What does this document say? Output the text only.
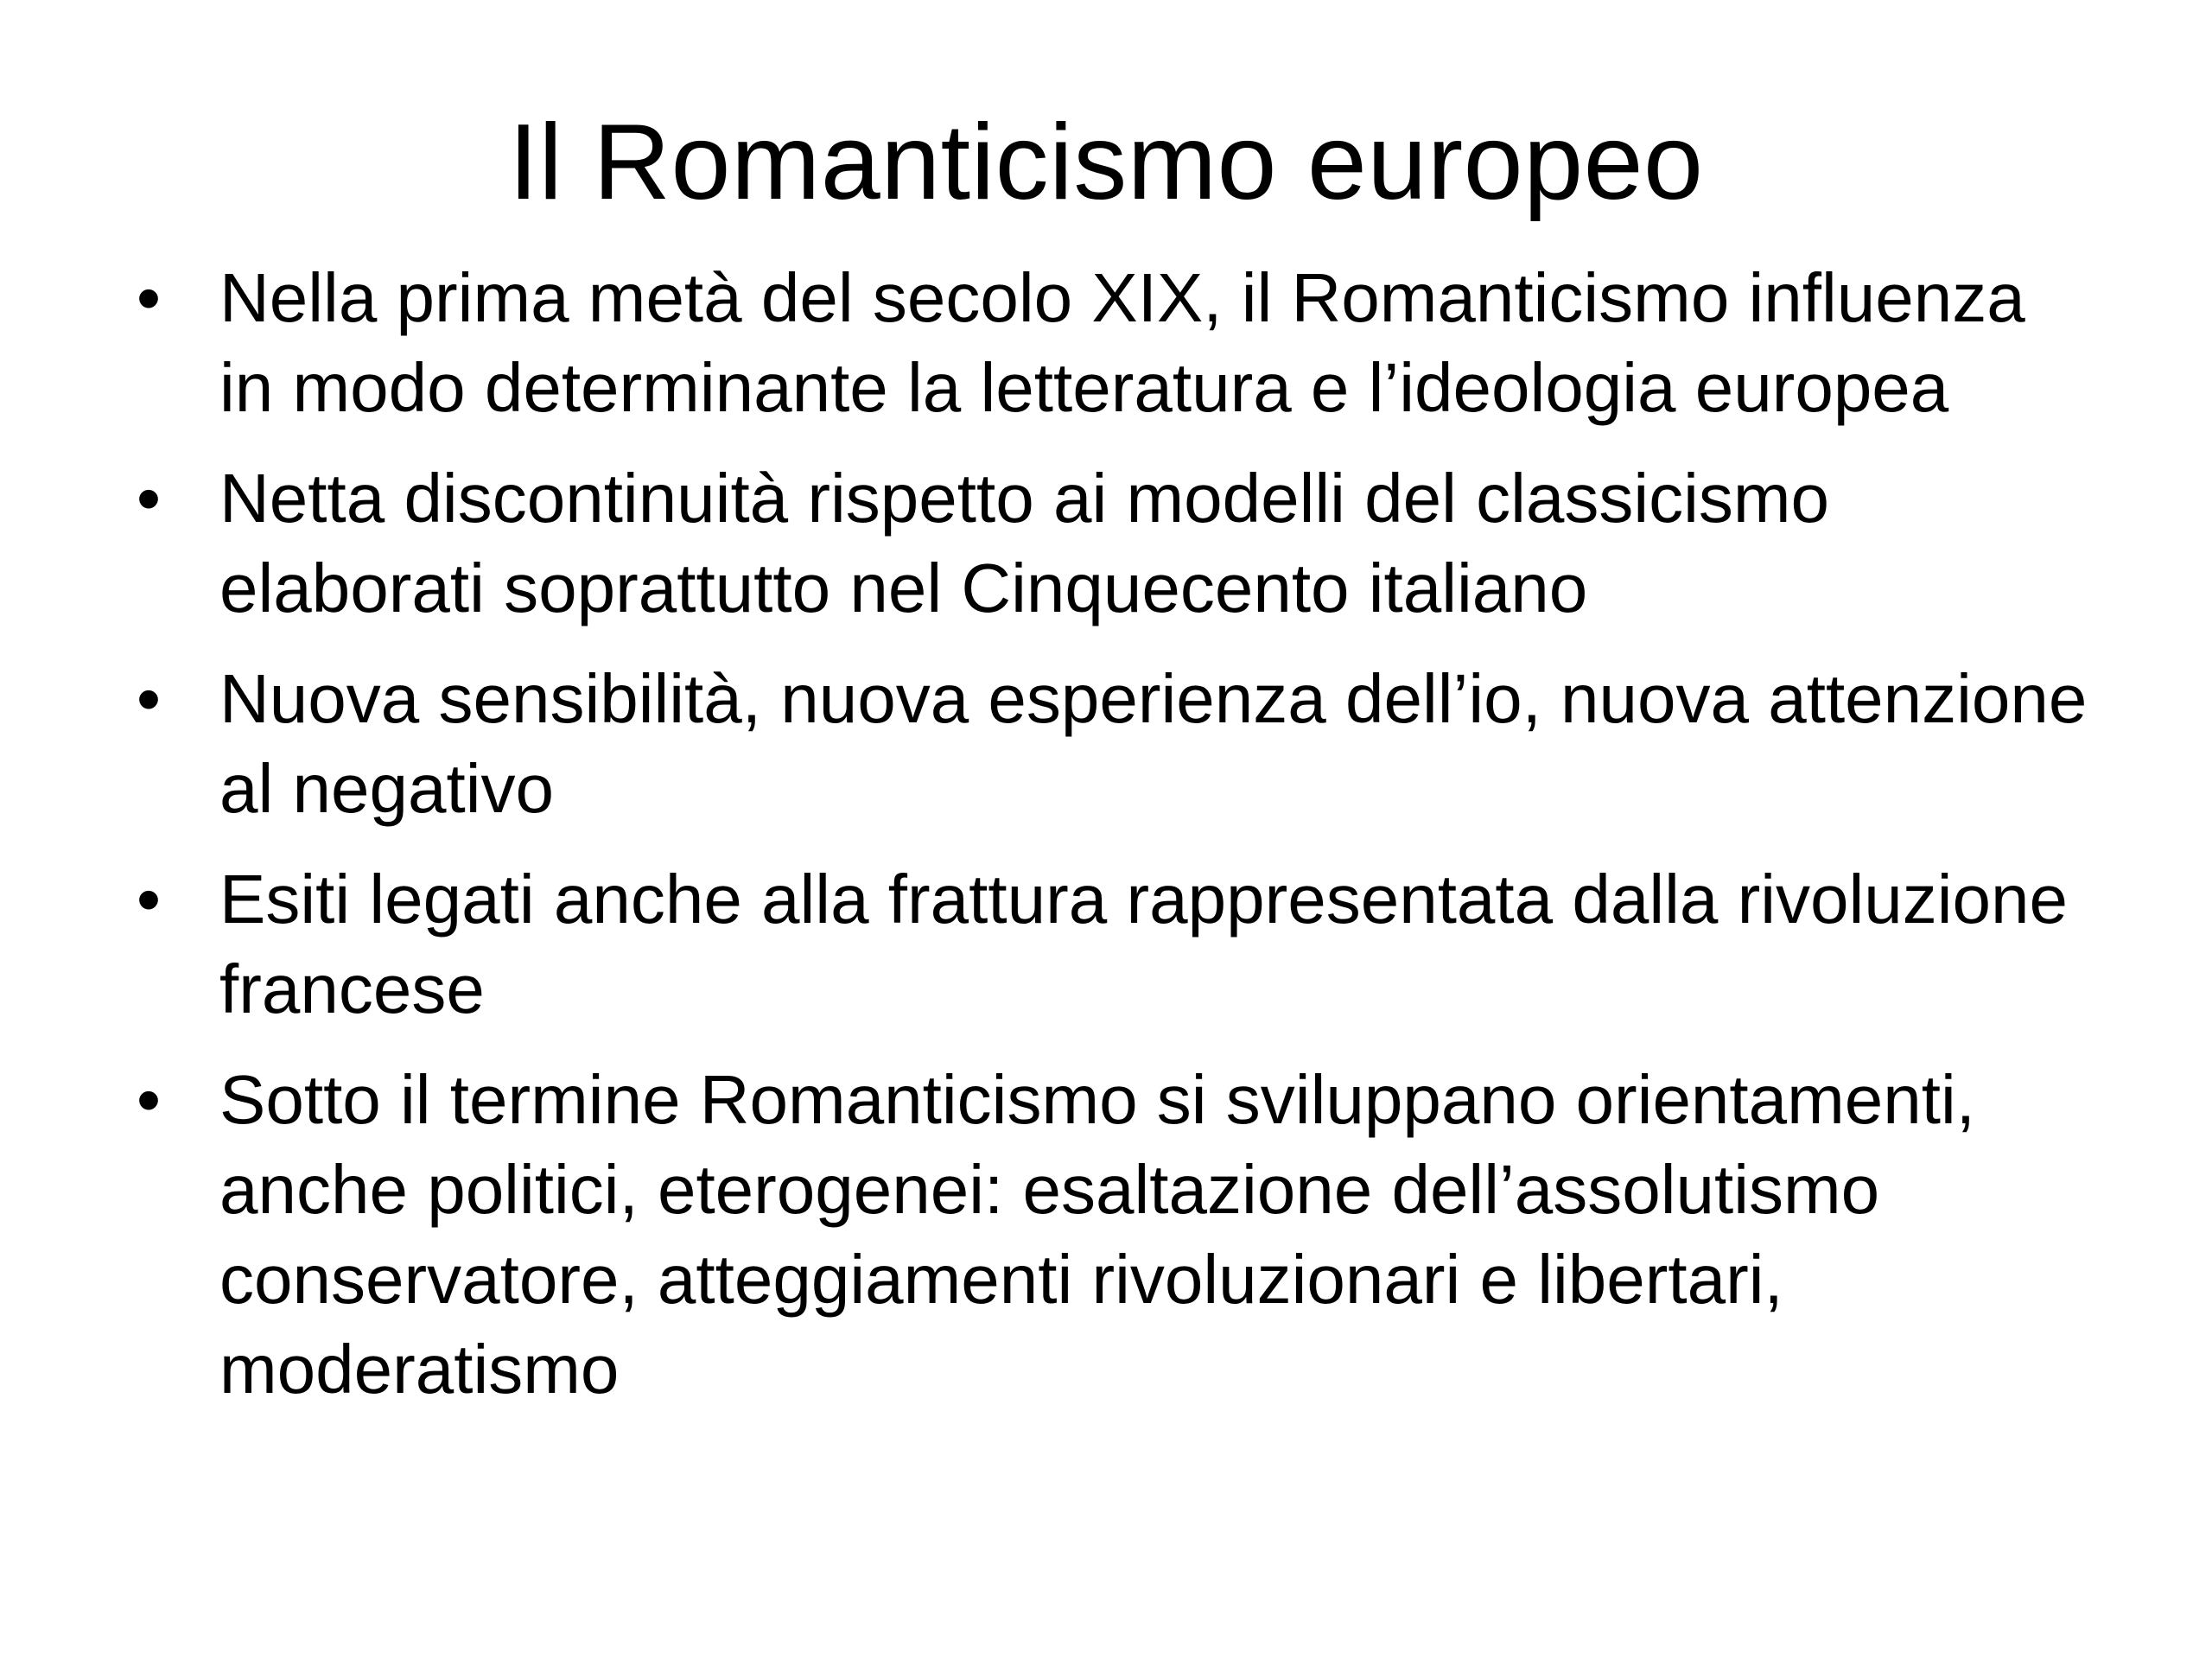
Il Romanticismo europeo
• Nella prima metà del secolo XIX, il Romanticismo influenza in modo determinante la letteratura e l’ideologia europea
• Netta discontinuità rispetto ai modelli del classicismo elaborati soprattutto nel Cinquecento italiano
• Nuova sensibilità, nuova esperienza dell’io, nuova attenzione al negativo
• Esiti legati anche alla frattura rappresentata dalla rivoluzione francese
• Sotto il termine Romanticismo si sviluppano orientamenti, anche politici, eterogenei: esaltazione dell’assolutismo conservatore, atteggiamenti rivoluzionari e libertari, moderatismo
